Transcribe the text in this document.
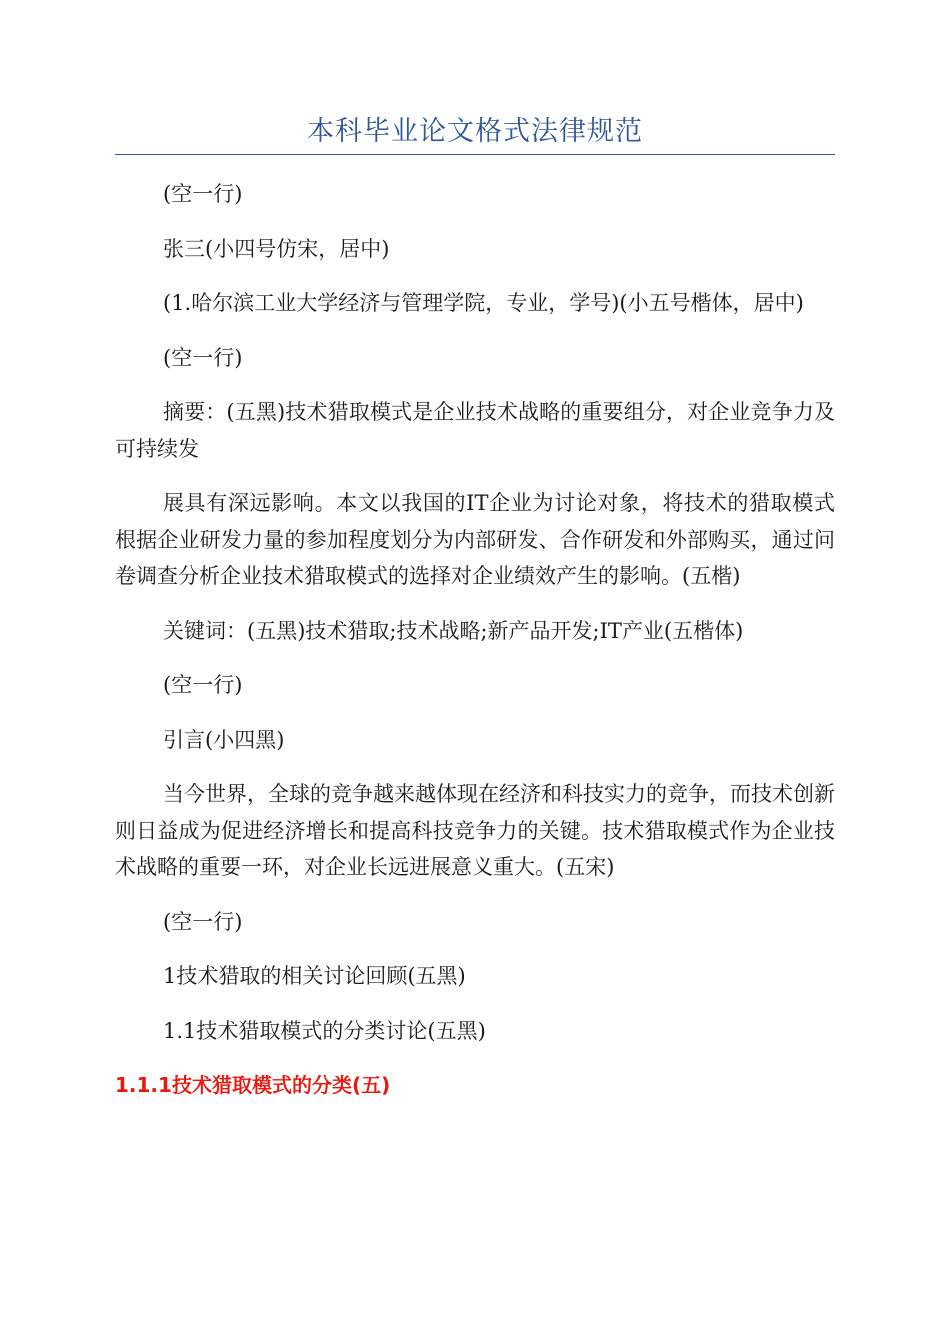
本科毕业论文格式法律规范

(空一行)

张三(小四号仿宋，居中)

(1.哈尔滨工业大学经济与管理学院，专业，学号)(小五号楷体，居中)

(空一行)

摘要：(五黑)技术猎取模式是企业技术战略的重要组分，对企业竞争力及可持续发

展具有深远影响。本文以我国的IT企业为讨论对象，将技术的猎取模式根据企业研发力量的参加程度划分为内部研发、合作研发和外部购买，通过问卷调查分析企业技术猎取模式的选择对企业绩效产生的影响。(五楷)

关键词：(五黑)技术猎取;技术战略;新产品开发;IT产业(五楷体)

(空一行)

引言(小四黑)

当今世界，全球的竞争越来越体现在经济和科技实力的竞争，而技术创新则日益成为促进经济增长和提高科技竞争力的关键。技术猎取模式作为企业技术战略的重要一环，对企业长远进展意义重大。(五宋)

(空一行)

1技术猎取的相关讨论回顾(五黑)

1.1技术猎取模式的分类讨论(五黑)

1.1.1技术猎取模式的分类(五)
